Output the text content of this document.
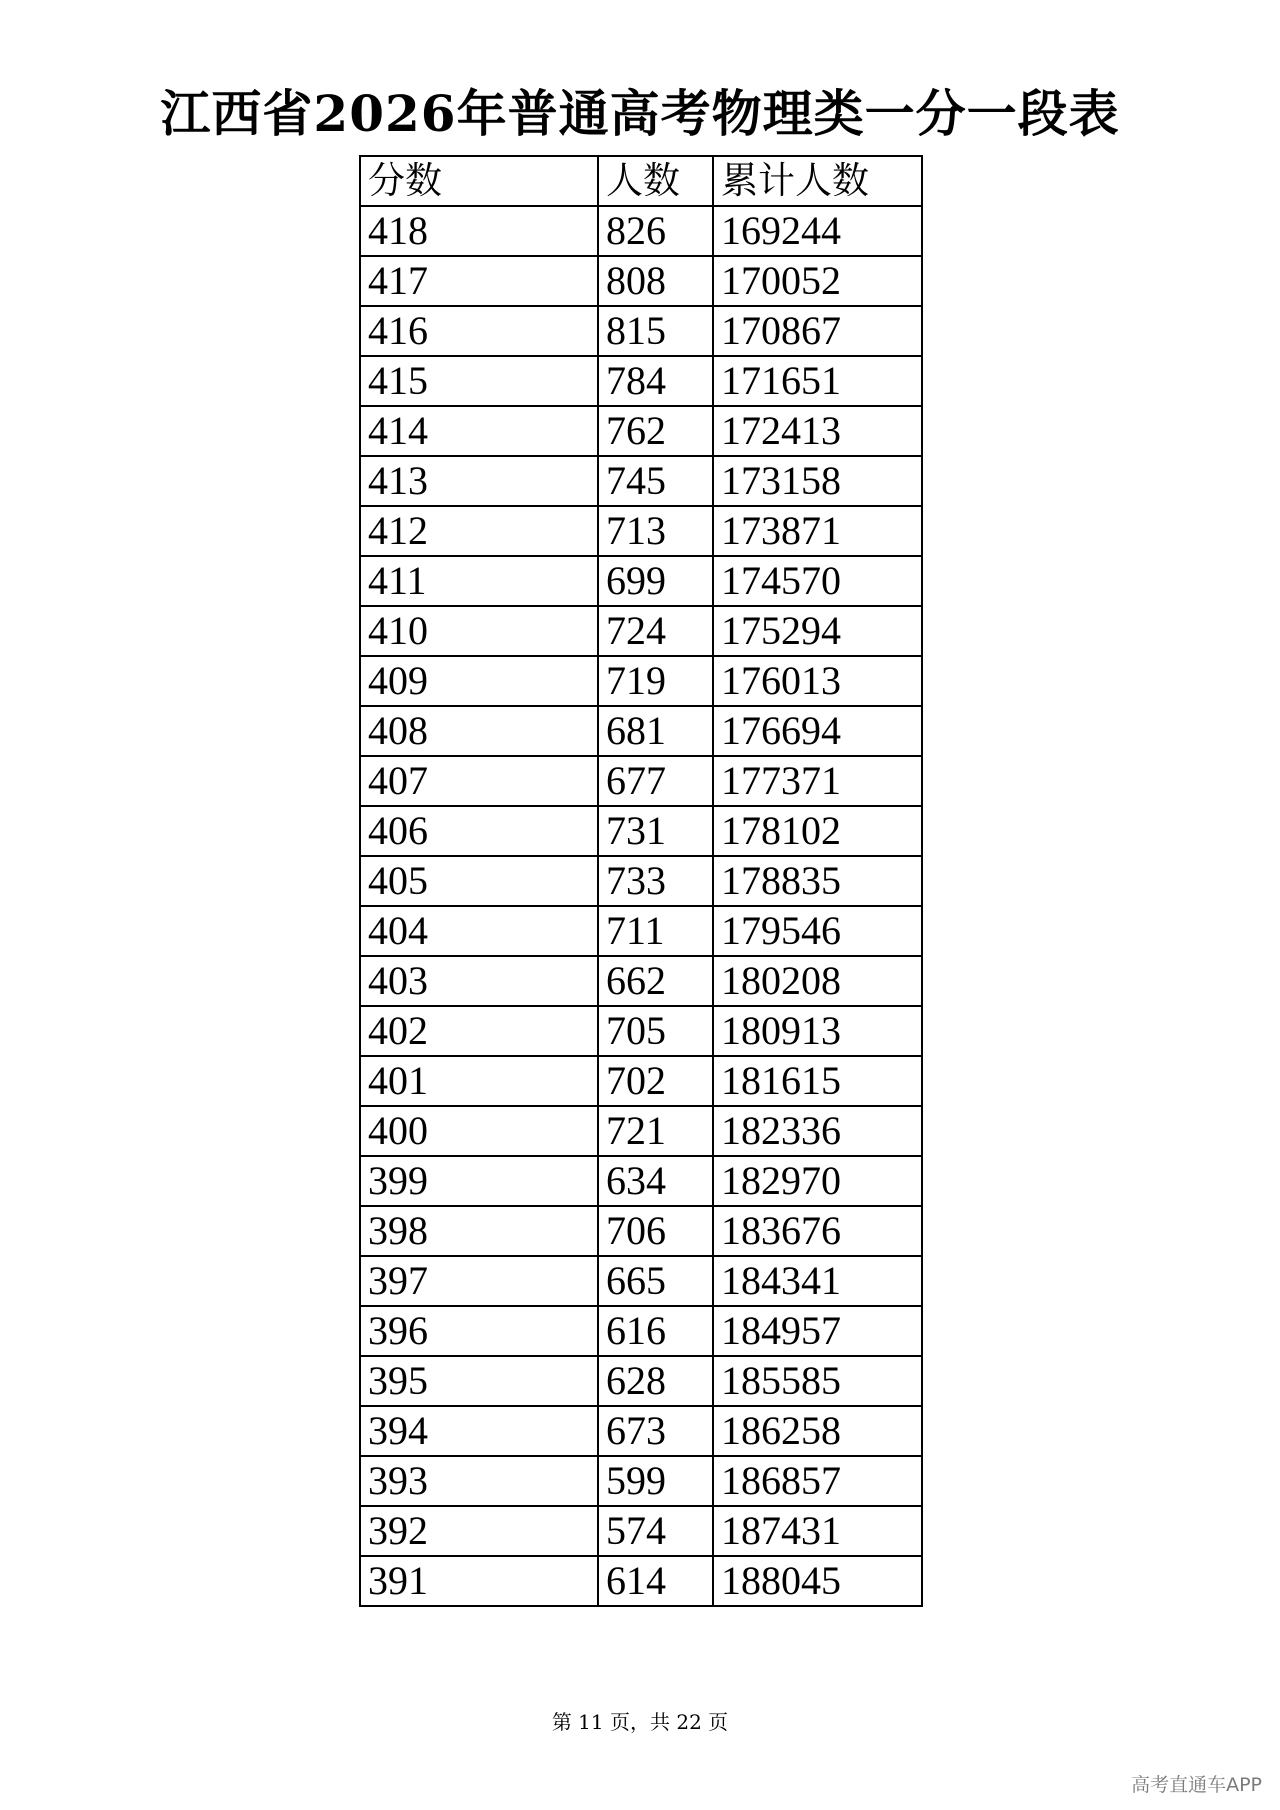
江西省2026年普通高考物理类一分一段表
分数	人数	累计人数
418	826	169244
417	808	170052
416	815	170867
415	784	171651
414	762	172413
413	745	173158
412	713	173871
411	699	174570
410	724	175294
409	719	176013
408	681	176694
407	677	177371
406	731	178102
405	733	178835
404	711	179546
403	662	180208
402	705	180913
401	702	181615
400	721	182336
399	634	182970
398	706	183676
397	665	184341
396	616	184957
395	628	185585
394	673	186258
393	599	186857
392	574	187431
391	614	188045
第 11 页，共 22 页
高考直通车APP
